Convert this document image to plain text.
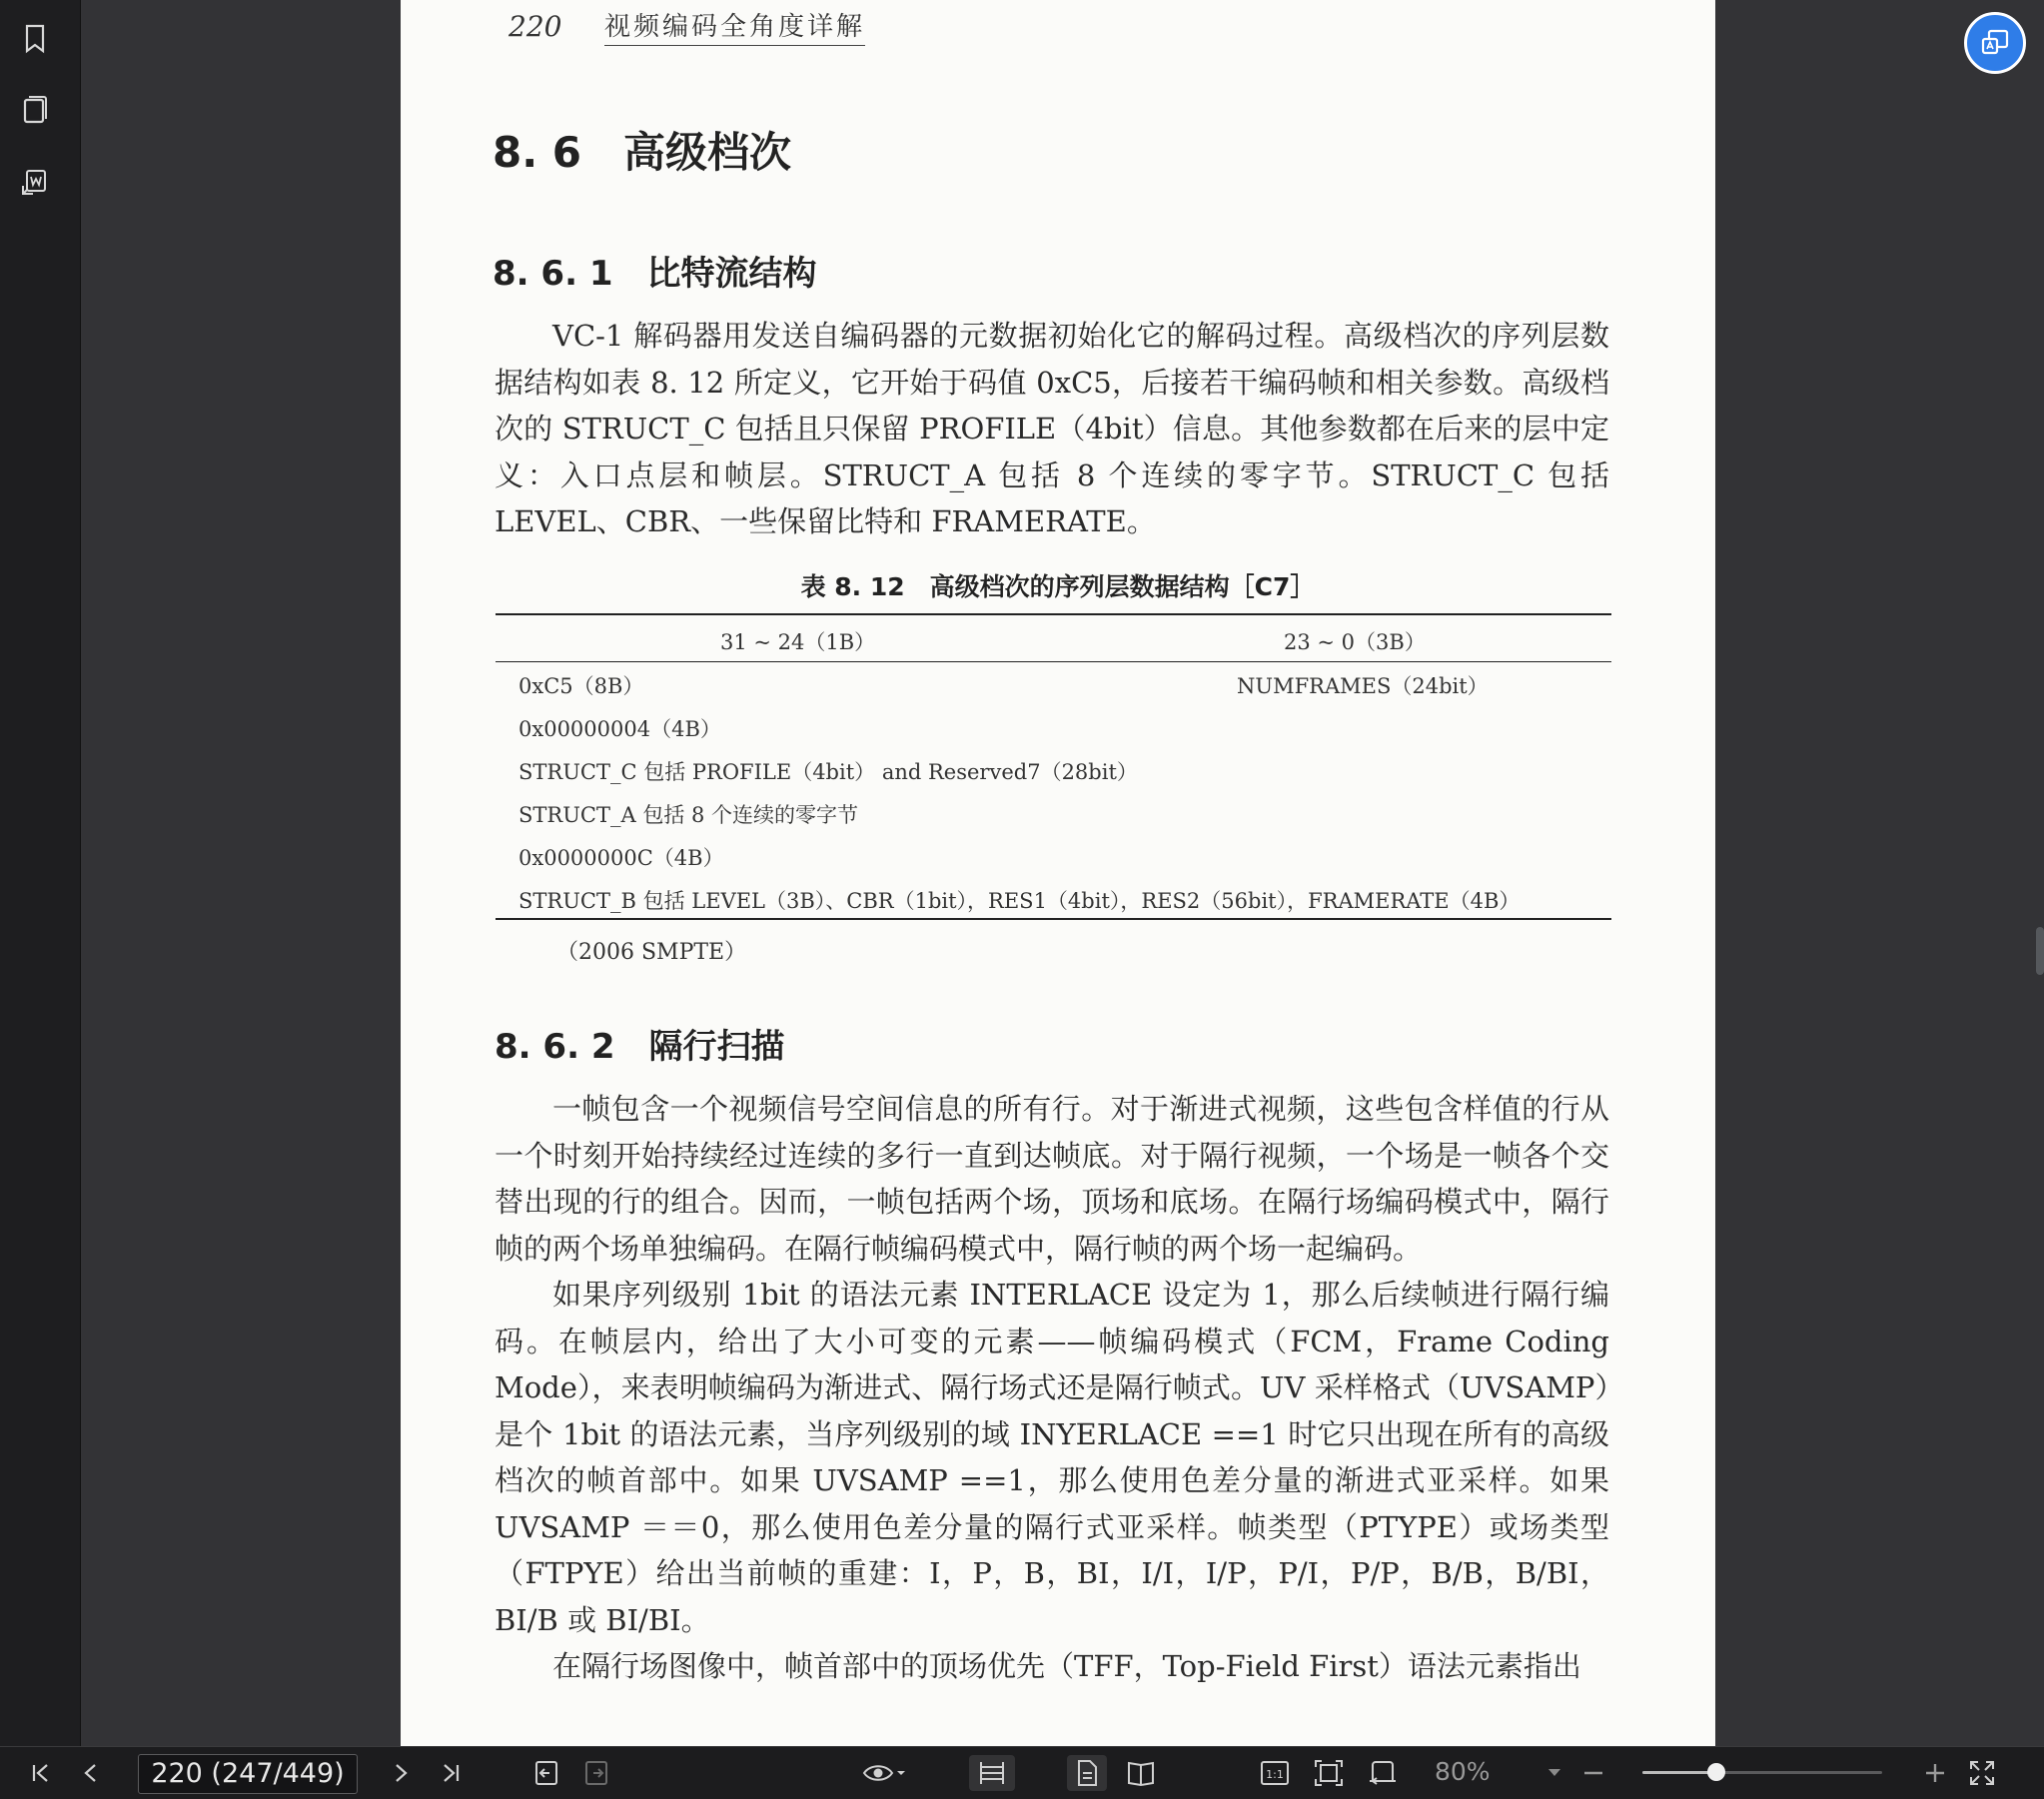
220 视频编码全角度详解
8. 6　高级档次
8. 6. 1　比特流结构

VC-1 解码器用发送自编码器的元数据初始化它的解码过程。高级档次的序列层数据结构如表 8. 12 所定义，它开始于码值 0xC5，后接若干编码帧和相关参数。高级档次的 STRUCT_C 包括且只保留 PROFILE（4bit）信息。其他参数都在后来的层中定义：入口点层和帧层。STRUCT_A 包括 8 个连续的零字节。STRUCT_C 包括 LEVEL、CBR、一些保留比特和 FRAMERATE。

表 8. 12　高级档次的序列层数据结构［C7］
31 ~ 24（1B）	23 ~ 0（3B）
0xC5（8B）	NUMFRAMES（24bit）
0x00000004（4B）
STRUCT_C 包括 PROFILE（4bit） and Reserved7（28bit）
STRUCT_A 包括 8 个连续的零字节
0x0000000C（4B）
STRUCT_B 包括 LEVEL（3B）、CBR（1bit），RES1（4bit），RES2（56bit），FRAMERATE（4B）
（2006 SMPTE）
8. 6. 2　隔行扫描

一帧包含一个视频信号空间信息的所有行。对于渐进式视频，这些包含样值的行从一个时刻开始持续经过连续的多行一直到达帧底。对于隔行视频，一个场是一帧各个交替出现的行的组合。因而，一帧包括两个场，顶场和底场。在隔行场编码模式中，隔行帧的两个场单独编码。在隔行帧编码模式中，隔行帧的两个场一起编码。

如果序列级别 1bit 的语法元素 INTERLACE 设定为 1，那么后续帧进行隔行编码。在帧层内，给出了大小可变的元素——帧编码模式（FCM，Frame Coding Mode），来表明帧编码为渐进式、隔行场式还是隔行帧式。UV 采样格式（UVSAMP）是个 1bit 的语法元素，当序列级别的域 INYERLACE ==1 时它只出现在所有的高级档次的帧首部中。如果 UVSAMP ==1，那么使用色差分量的渐进式亚采样。如果 UVSAMP ＝＝0，那么使用色差分量的隔行式亚采样。帧类型（PTYPE）或场类型（FTPYE）给出当前帧的重建：I，P，B，BI，I/I，I/P，P/I，P/P，B/B，B/BI，BI/B 或 BI/BI。

在隔行场图像中，帧首部中的顶场优先（TFF，Top-Field First）语法元素指出

220 (247/449)	1:1	80%
